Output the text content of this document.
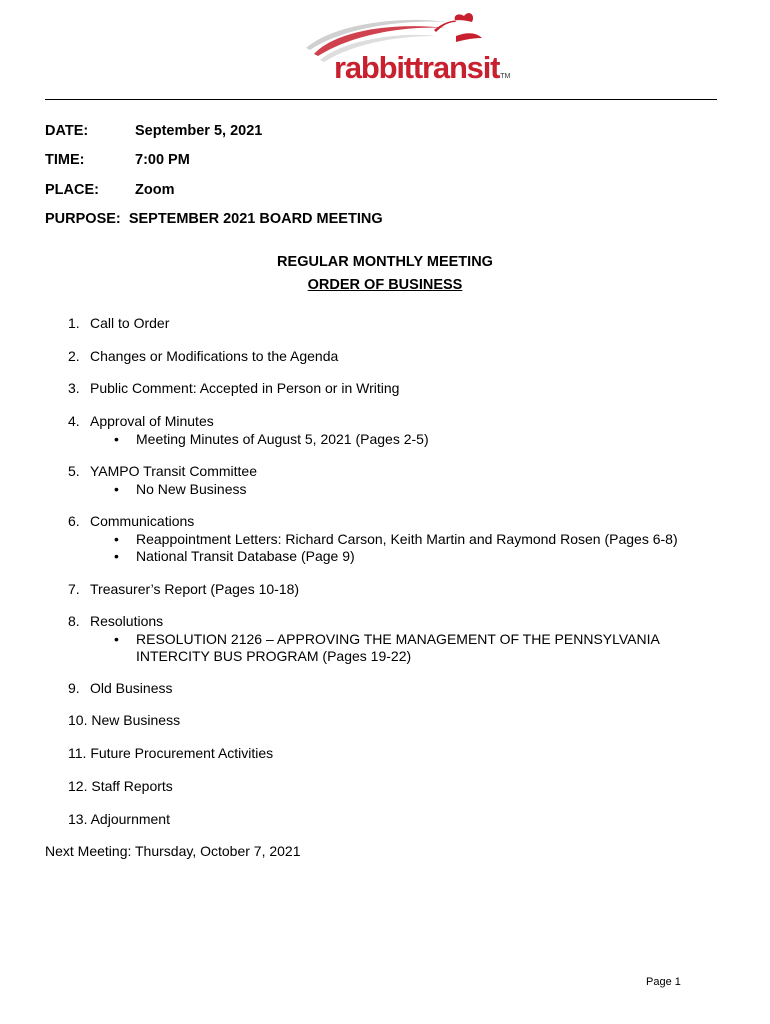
rabbittransitTM
DATE:	September 5, 2021
TIME:	7:00 PM
PLACE: Zoom
PURPOSE: SEPTEMBER 2021 BOARD MEETING
REGULAR MONTHLY MEETING
ORDER OF BUSINESS
1. Call to Order
2. Changes or Modifications to the Agenda
3. Public Comment: Accepted in Person or in Writing
4. Approval of Minutes
• Meeting Minutes of August 5, 2021 (Pages 2-5)
5. YAMPO Transit Committee
• No New Business
6. Communications
• Reappointment Letters: Richard Carson, Keith Martin and Raymond Rosen (Pages 6-8)
• National Transit Database (Page 9)
7. Treasurer’s Report (Pages 10-18)
8. Resolutions
• RESOLUTION 2126 – APPROVING THE MANAGEMENT OF THE PENNSYLVANIA
INTERCITY BUS PROGRAM (Pages 19-22)
9. Old Business
10. New Business
11. Future Procurement Activities
12. Staff Reports
13. Adjournment
Next Meeting: Thursday, October 7, 2021
Page 1
